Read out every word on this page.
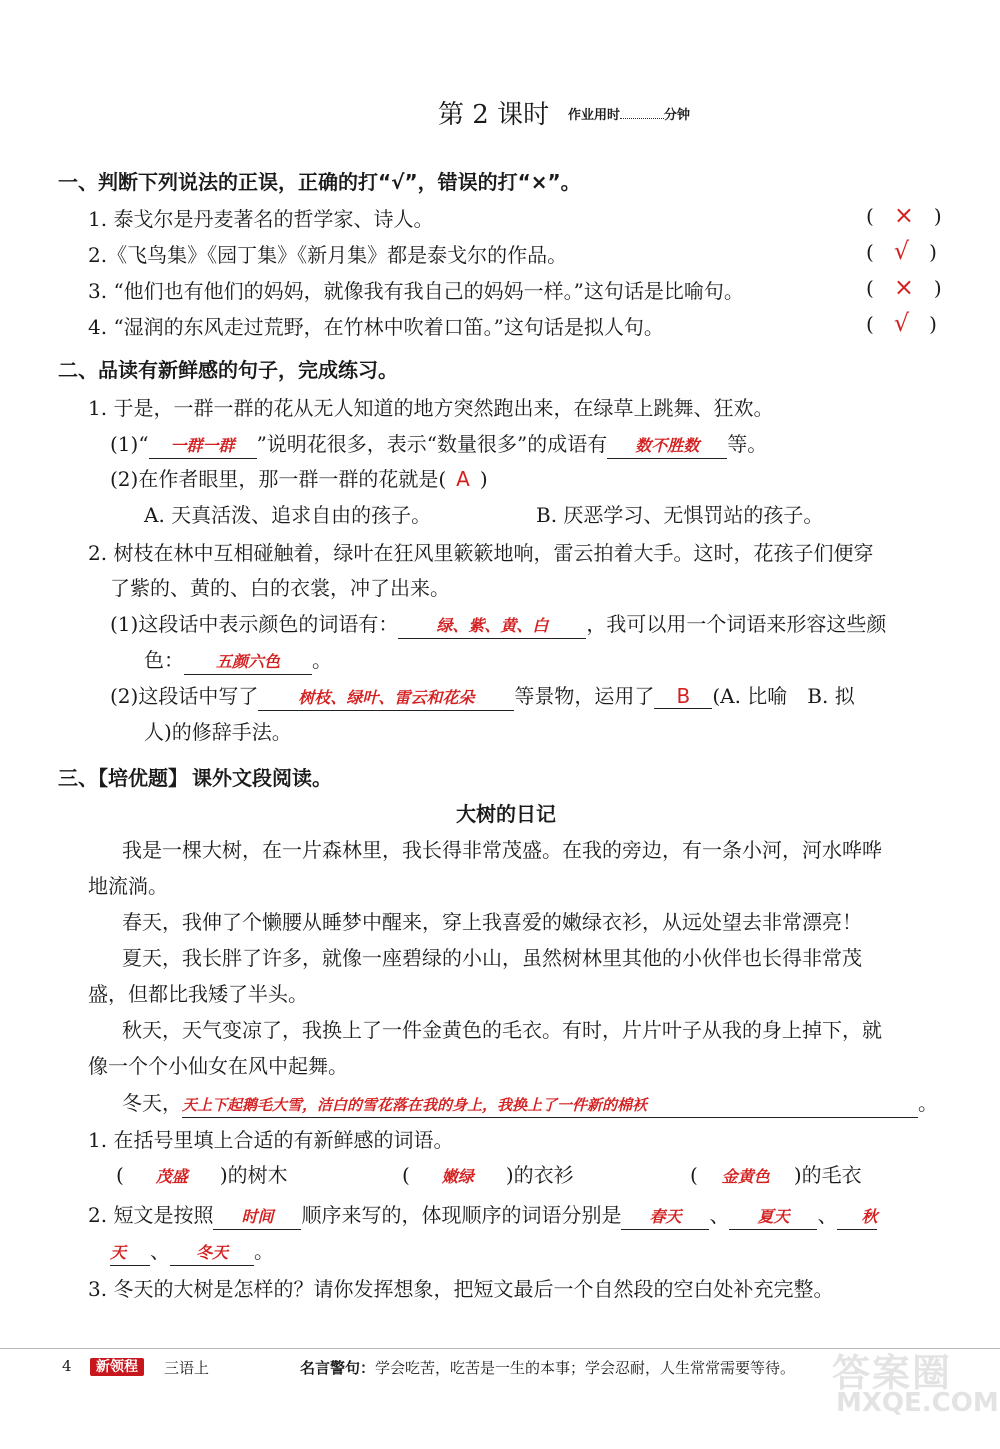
第 2 课时 作业用时	分钟
一、判断下列说法的正误，正确的打“√”，错误的打“×”。
1. 泰戈尔是丹麦著名的哲学家、诗人。	(　×　)
2.《飞鸟集》《园丁集》《新月集》都是泰戈尔的作品。	(　√　)
3. “他们也有他们的妈妈，就像我有我自己的妈妈一样。”这句话是比喻句。	(　×　)
4. “湿润的东风走过荒野，在竹林中吹着口笛。”这句话是拟人句。	(　√　)
二、品读有新鲜感的句子，完成练习。
1. 于是，一群一群的花从无人知道的地方突然跑出来，在绿草上跳舞、狂欢。
(1)“ 一群一群 ”说明花很多，表示“数量很多”的成语有 数不胜数 等。
(2)在作者眼里，那一群一群的花就是( A )
A. 天真活泼、追求自由的孩子。	B. 厌恶学习、无惧罚站的孩子。
2. 树枝在林中互相碰触着，绿叶在狂风里簌簌地响，雷云拍着大手。这时，花孩子们便穿
了紫的、黄的、白的衣裳，冲了出来。
(1)这段话中表示颜色的词语有： 绿、紫、黄、白 ，我可以用一个词语来形容这些颜
色： 五颜六色 。
(2)这段话中写了 树枝、绿叶、雷云和花朵 等景物，运用了 B (A. 比喻　B. 拟
人)的修辞手法。
三、【培优题】 课外文段阅读。
大树的日记
我是一棵大树，在一片森林里，我长得非常茂盛。在我的旁边，有一条小河，河水哗哗
地流淌。
春天，我伸了个懒腰从睡梦中醒来，穿上我喜爱的嫩绿衣衫，从远处望去非常漂亮！
夏天，我长胖了许多，就像一座碧绿的小山，虽然树林里其他的小伙伴也长得非常茂
盛，但都比我矮了半头。
秋天，天气变凉了，我换上了一件金黄色的毛衣。有时，片片叶子从我的身上掉下，就
像一个个小仙女在风中起舞。
冬天，天上下起鹅毛大雪，洁白的雪花落在我的身上，我换上了一件新的棉袄	。
1. 在括号里填上合适的有新鲜感的词语。
( 茂盛 )的树木	( 嫩绿 )的衣衫	( 金黄色 )的毛衣
2. 短文是按照 时间 顺序来写的，体现顺序的词语分别是 春天 、 夏天 、 秋
天 、 冬天 。
3. 冬天的大树是怎样的？请你发挥想象，把短文最后一个自然段的空白处补充完整。
4	新领程	三语上	名言警句：学会吃苦，吃苦是一生的本事；学会忍耐，人生常常需要等待。 答案圈
MXQE.COM
